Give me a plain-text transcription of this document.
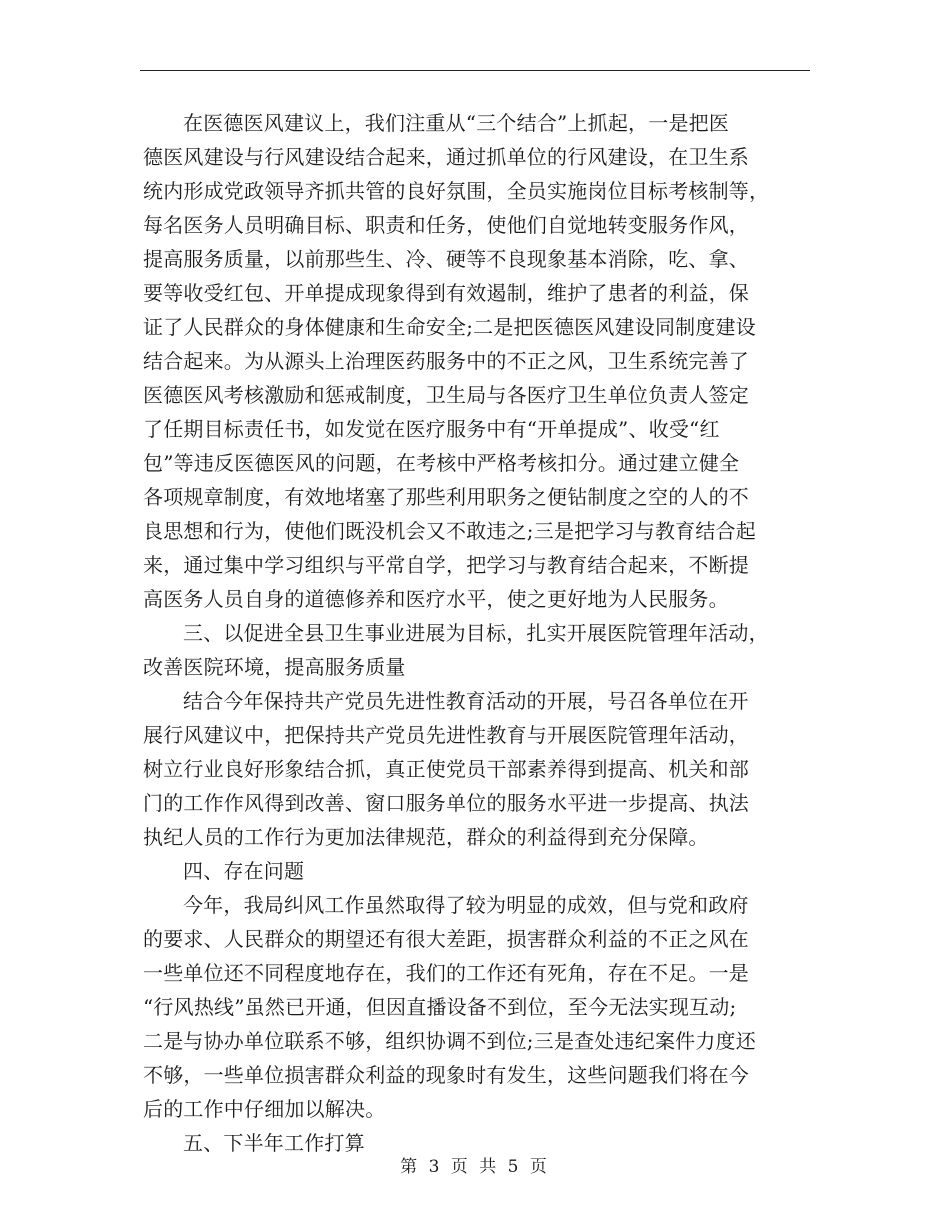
在医德医风建议上，我们注重从“三个结合”上抓起，一是把医
德医风建设与行风建设结合起来，通过抓单位的行风建设，在卫生系
统内形成党政领导齐抓共管的良好氛围，全员实施岗位目标考核制等，
每名医务人员明确目标、职责和任务，使他们自觉地转变服务作风，
提高服务质量，以前那些生、冷、硬等不良现象基本消除，吃、拿、
要等收受红包、开单提成现象得到有效遏制，维护了患者的利益，保
证了人民群众的身体健康和生命安全;二是把医德医风建设同制度建设
结合起来。为从源头上治理医药服务中的不正之风，卫生系统完善了
医德医风考核激励和惩戒制度，卫生局与各医疗卫生单位负责人签定
了任期目标责任书，如发觉在医疗服务中有“开单提成”、收受“红
包”等违反医德医风的问题，在考核中严格考核扣分。通过建立健全
各项规章制度，有效地堵塞了那些利用职务之便钻制度之空的人的不
良思想和行为，使他们既没机会又不敢违之;三是把学习与教育结合起
来，通过集中学习组织与平常自学，把学习与教育结合起来，不断提
高医务人员自身的道德修养和医疗水平，使之更好地为人民服务。
三、以促进全县卫生事业进展为目标，扎实开展医院管理年活动，
改善医院环境，提高服务质量
结合今年保持共产党员先进性教育活动的开展，号召各单位在开
展行风建议中，把保持共产党员先进性教育与开展医院管理年活动，
树立行业良好形象结合抓，真正使党员干部素养得到提高、机关和部
门的工作作风得到改善、窗口服务单位的服务水平进一步提高、执法
执纪人员的工作行为更加法律规范，群众的利益得到充分保障。
四、存在问题
今年，我局纠风工作虽然取得了较为明显的成效，但与党和政府
的要求、人民群众的期望还有很大差距，损害群众利益的不正之风在
一些单位还不同程度地存在，我们的工作还有死角，存在不足。一是
“行风热线”虽然已开通，但因直播设备不到位，至今无法实现互动;
二是与协办单位联系不够，组织协调不到位;三是查处违纪案件力度还
不够，一些单位损害群众利益的现象时有发生，这些问题我们将在今
后的工作中仔细加以解决。
五、下半年工作打算
第 3 页 共 5 页
